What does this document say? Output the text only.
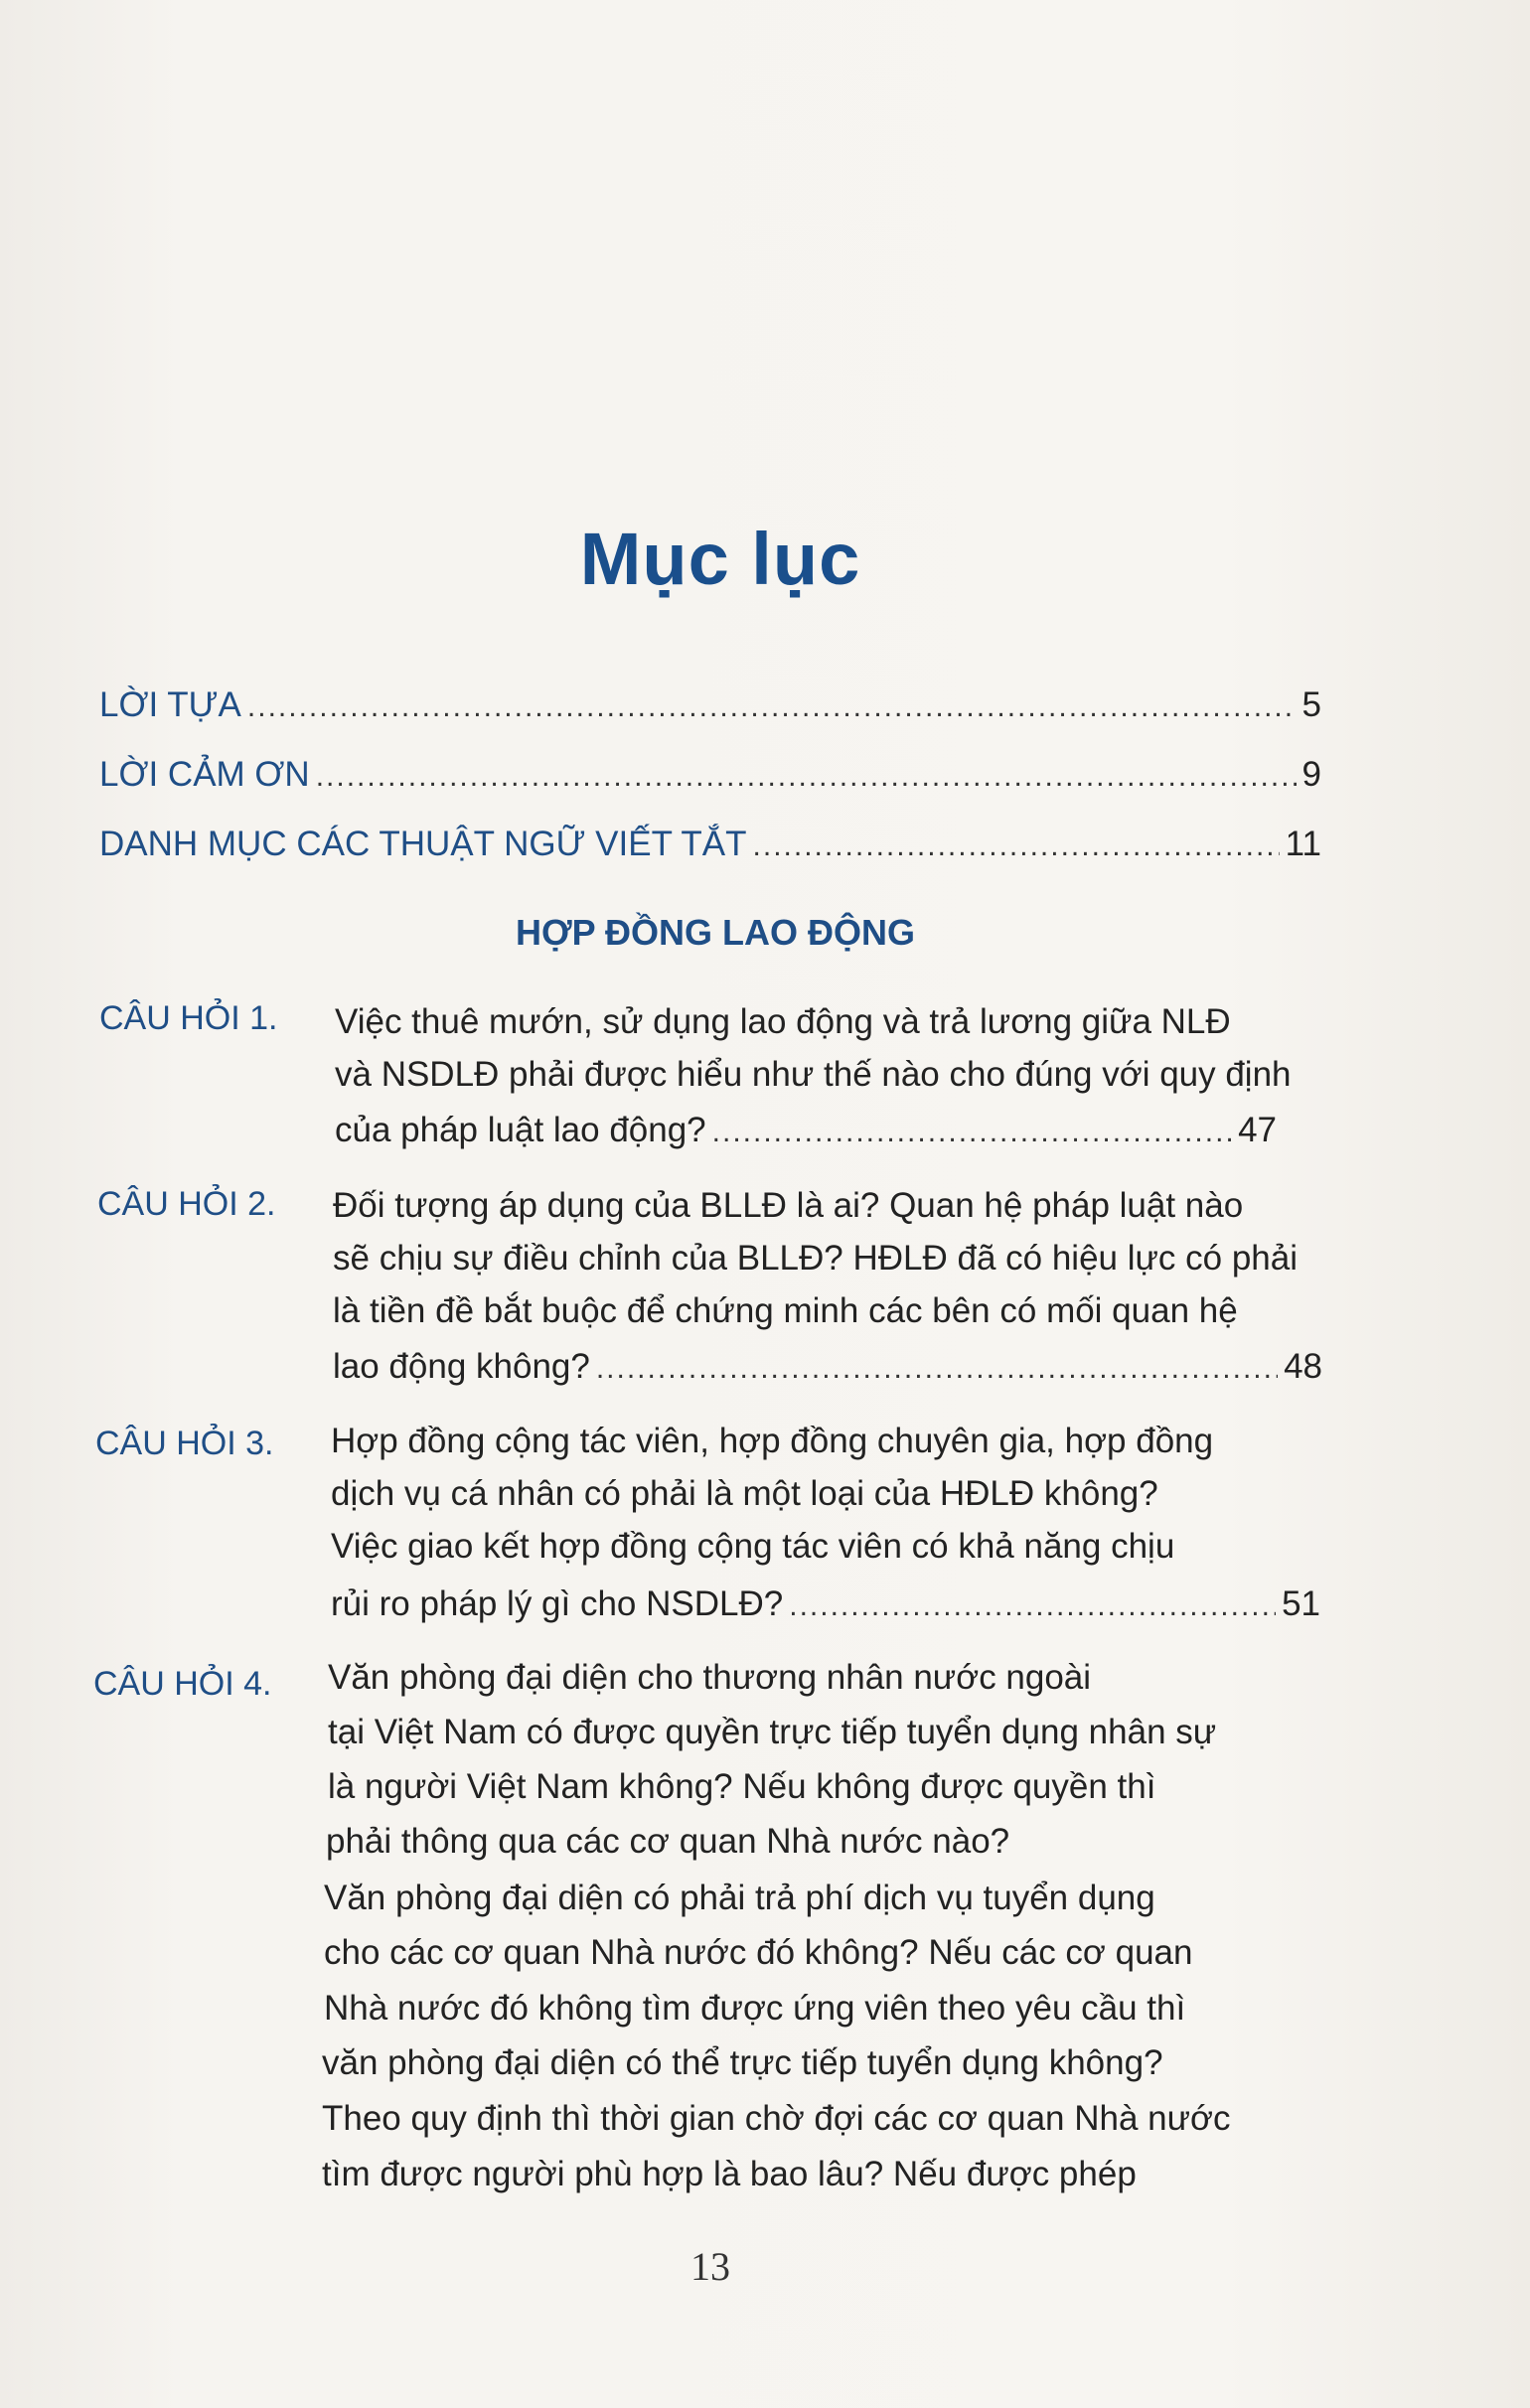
Mục lục
LỜI TỰA .....	5
LỜI CẢM ƠN .....	9
DANH MỤC CÁC THUẬT NGỮ VIẾT TẮT .....	11
HỢP ĐỒNG LAO ĐỘNG
CÂU HỎI 1. Việc thuê mướn, sử dụng lao động và trả lương giữa NLĐ
và NSDLĐ phải được hiểu như thế nào cho đúng với quy định
của pháp luật lao động? .....	47
CÂU HỎI 2. Đối tượng áp dụng của BLLĐ là ai? Quan hệ pháp luật nào
sẽ chịu sự điều chỉnh của BLLĐ? HĐLĐ đã có hiệu lực có phải
là tiền đề bắt buộc để chứng minh các bên có mối quan hệ
lao động không? .....	48
CÂU HỎI 3. Hợp đồng cộng tác viên, hợp đồng chuyên gia, hợp đồng
dịch vụ cá nhân có phải là một loại của HĐLĐ không?
Việc giao kết hợp đồng cộng tác viên có khả năng chịu
rủi ro pháp lý gì cho NSDLĐ? .....	51
CÂU HỎI 4. Văn phòng đại diện cho thương nhân nước ngoài
tại Việt Nam có được quyền trực tiếp tuyển dụng nhân sự
là người Việt Nam không? Nếu không được quyền thì
phải thông qua các cơ quan Nhà nước nào?
Văn phòng đại diện có phải trả phí dịch vụ tuyển dụng
cho các cơ quan Nhà nước đó không? Nếu các cơ quan
Nhà nước đó không tìm được ứng viên theo yêu cầu thì
văn phòng đại diện có thể trực tiếp tuyển dụng không?
Theo quy định thì thời gian chờ đợi các cơ quan Nhà nước
tìm được người phù hợp là bao lâu? Nếu được phép
13
